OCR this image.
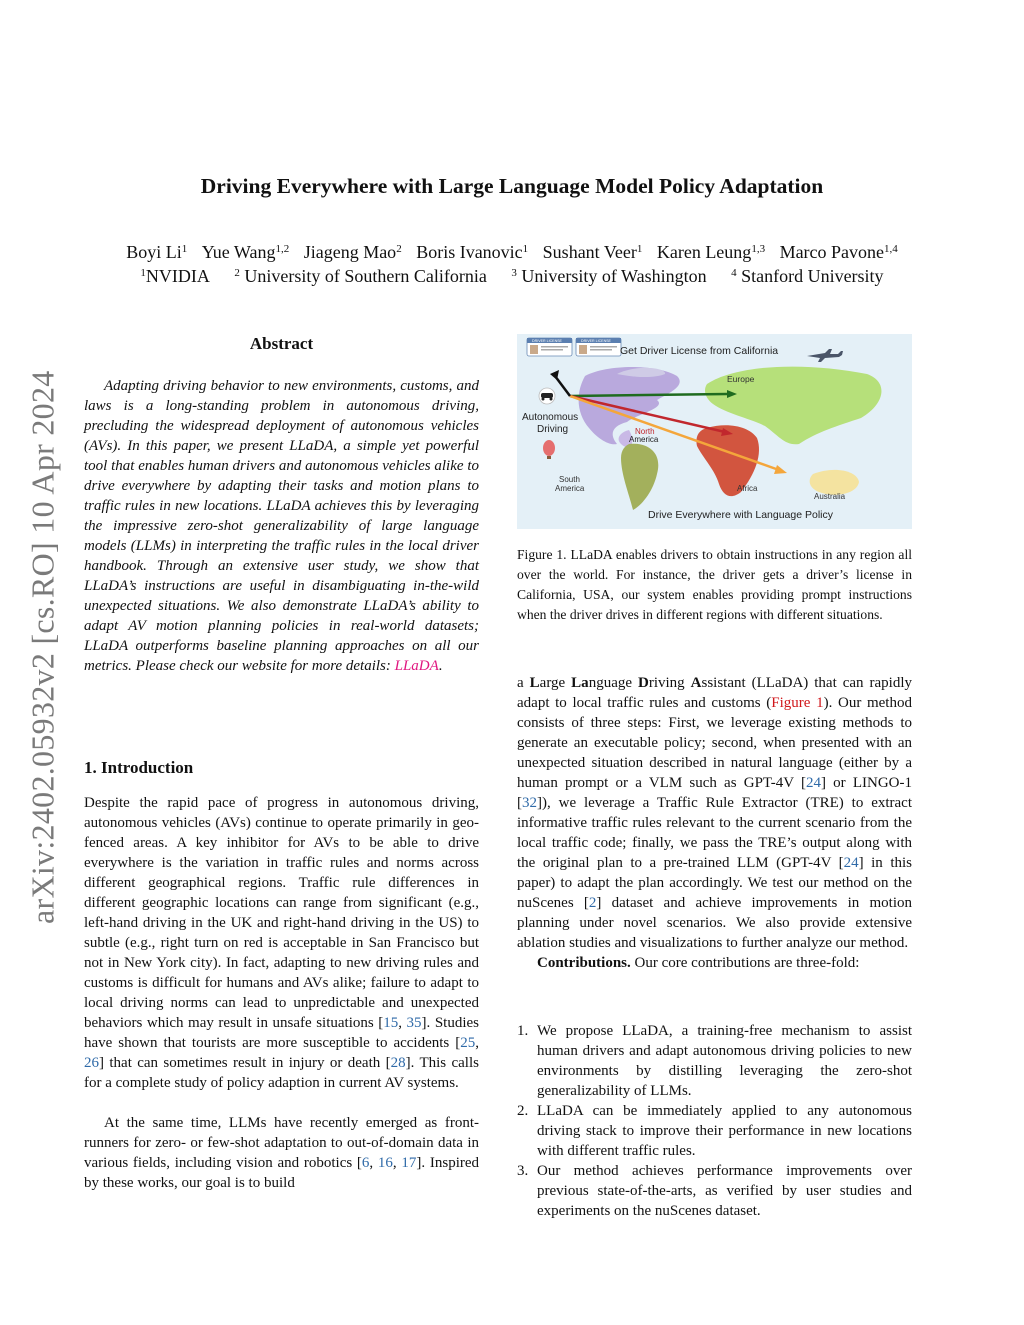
arXiv:2402.05932v2 [cs.RO] 10 Apr 2024
Driving Everywhere with Large Language Model Policy Adaptation
Boyi Li$^1$ Yue Wang$^{1,2}$ Jiageng Mao$^2$ Boris Ivanovic$^1$ Sushant Veer$^1$ Karen Leung$^{1,3}$ Marco Pavone$^{1,4}$
$^1$NVIDIA $^2$ University of Southern California $^3$ University of Washington $^4$ Stanford University
Abstract

Adapting driving behavior to new environments, customs, and laws is a long-standing problem in autonomous driving, precluding the widespread deployment of autonomous vehicles (AVs). In this paper, we present LLaDA, a simple yet powerful tool that enables human drivers and autonomous vehicles alike to drive everywhere by adapting their tasks and motion plans to traffic rules in new locations. LLaDA achieves this by leveraging the impressive zero-shot generalizability of large language models (LLMs) in interpreting the traffic rules in the local driver handbook. Through an extensive user study, we show that LLaDA’s instructions are useful in disambiguating in-the-wild unexpected situations. We also demonstrate LLaDA’s ability to adapt AV motion planning policies in real-world datasets; LLaDA outperforms baseline planning approaches on all our metrics. Please check our website for more details: LLaDA.

1. Introduction

Despite the rapid pace of progress in autonomous driving, autonomous vehicles (AVs) continue to operate primarily in geo-fenced areas. A key inhibitor for AVs to be able to drive everywhere is the variation in traffic rules and norms across different geographical regions. Traffic rule differences in different geographic locations can range from significant (e.g., left-hand driving in the UK and right-hand driving in the US) to subtle (e.g., right turn on red is acceptable in San Francisco but not in New York city). In fact, adapting to new driving rules and customs is difficult for humans and AVs alike; failure to adapt to local driving norms can lead to unpredictable and unexpected behaviors which may result in unsafe situations [15, 35]. Studies have shown that tourists are more susceptible to accidents [25, 26] that can sometimes result in injury or death [28]. This calls for a complete study of policy adaption in current AV systems.

At the same time, LLMs have recently emerged as front-runners for zero- or few-shot adaptation to out-of-domain data in various fields, including vision and robotics [6, 16, 17]. Inspired by these works, our goal is to build

DRIVER LICENSE	DRIVER LICENSE
Get Driver License from California
Autonomous
Driving
Europe
North
America
South
America	Africa
Australia
Drive Everywhere with Language Policy

Figure 1. LLaDA enables drivers to obtain instructions in any region all over the world. For instance, the driver gets a driver’s license in California, USA, our system enables providing prompt instructions when the driver drives in different regions with different situations.

a Large Language Driving Assistant (LLaDA) that can rapidly adapt to local traffic rules and customs (Figure 1). Our method consists of three steps: First, we leverage existing methods to generate an executable policy; second, when presented with an unexpected situation described in natural language (either by a human prompt or a VLM such as GPT-4V [24] or LINGO-1 [32]), we leverage a Traffic Rule Extractor (TRE) to extract informative traffic rules relevant to the current scenario from the local traffic code; finally, we pass the TRE’s output along with the original plan to a pre-trained LLM (GPT-4V [24] in this paper) to adapt the plan accordingly. We test our method on the nuScenes [2] dataset and achieve improvements in motion planning under novel scenarios. We also provide extensive ablation studies and visualizations to further analyze our method.
Contributions. Our core contributions are three-fold:

1. We propose LLaDA, a training-free mechanism to assist human drivers and adapt autonomous driving policies to new environments by distilling leveraging the zero-shot generalizability of LLMs.
2. LLaDA can be immediately applied to any autonomous driving stack to improve their performance in new locations with different traffic rules.
3. Our method achieves performance improvements over previous state-of-the-arts, as verified by user studies and experiments on the nuScenes dataset.
